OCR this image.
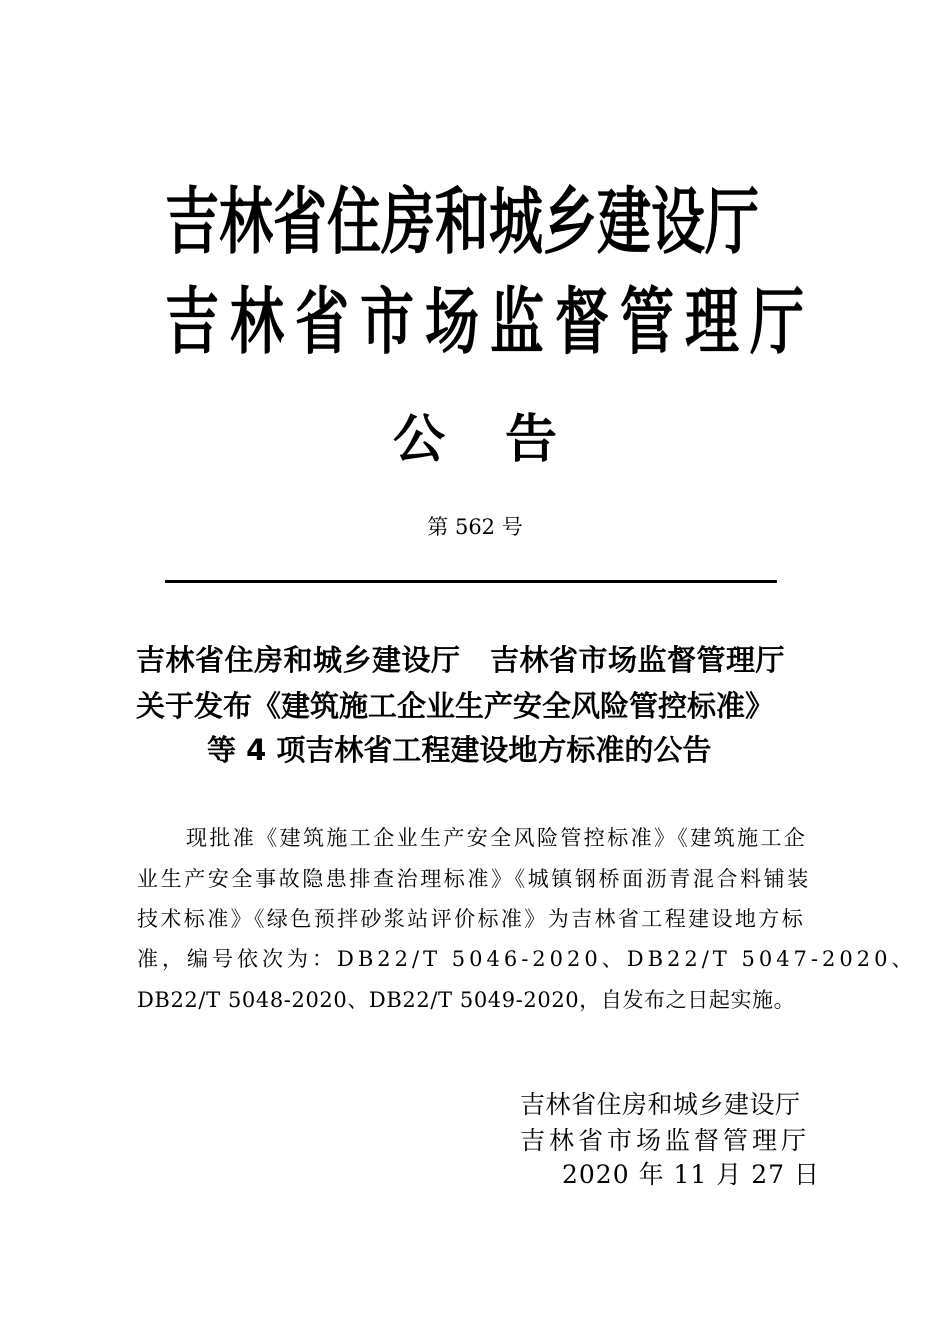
吉林省住房和城乡建设厅
吉林省市场监督管理厅
公告
第 562 号
吉林省住房和城乡建设厅　吉林省市场监督管理厅
关于发布《建筑施工企业生产安全风险管控标准》
等 4 项吉林省工程建设地方标准的公告
现批准《建筑施工企业生产安全风险管控标准》《建筑施工企
业生产安全事故隐患排查治理标准》《城镇钢桥面沥青混合料铺装
技术标准》《绿色预拌砂浆站评价标准》为吉林省工程建设地方标
准，编号依次为：DB22/T 5046-2020、DB22/T 5047-2020、
DB22/T 5048-2020、DB22/T 5049-2020，自发布之日起实施。
吉林省住房和城乡建设厅
吉林省市场监督管理厅
2020 年 11 月 27 日
